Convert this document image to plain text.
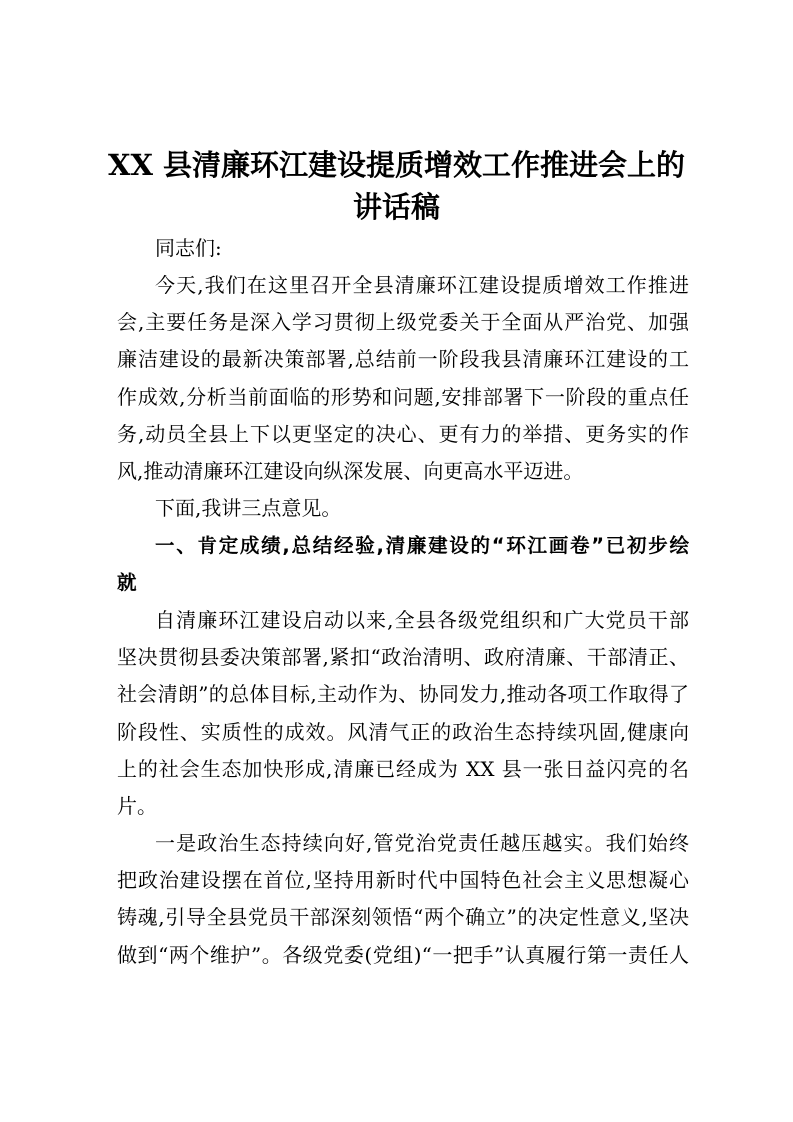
XX 县清廉环江建设提质增效工作推进会上的
讲话稿

同志们:

今天,我们在这里召开全县清廉环江建设提质增效工作推进
会,主要任务是深入学习贯彻上级党委关于全面从严治党、加强
廉洁建设的最新决策部署,总结前一阶段我县清廉环江建设的工
作成效,分析当前面临的形势和问题,安排部署下一阶段的重点任
务,动员全县上下以更坚定的决心、更有力的举措、更务实的作
风,推动清廉环江建设向纵深发展、向更高水平迈进。

下面,我讲三点意见。

一、肯定成绩,总结经验,清廉建设的“环江画卷”已初步绘
就

自清廉环江建设启动以来,全县各级党组织和广大党员干部
坚决贯彻县委决策部署,紧扣“政治清明、政府清廉、干部清正、
社会清朗”的总体目标,主动作为、协同发力,推动各项工作取得了
阶段性、实质性的成效。风清气正的政治生态持续巩固,健康向
上的社会生态加快形成,清廉已经成为 XX 县一张日益闪亮的名
片。

一是政治生态持续向好,管党治党责任越压越实。我们始终
把政治建设摆在首位,坚持用新时代中国特色社会主义思想凝心
铸魂,引导全县党员干部深刻领悟“两个确立”的决定性意义,坚决
做到“两个维护”。各级党委(党组)“一把手”认真履行第一责任人
